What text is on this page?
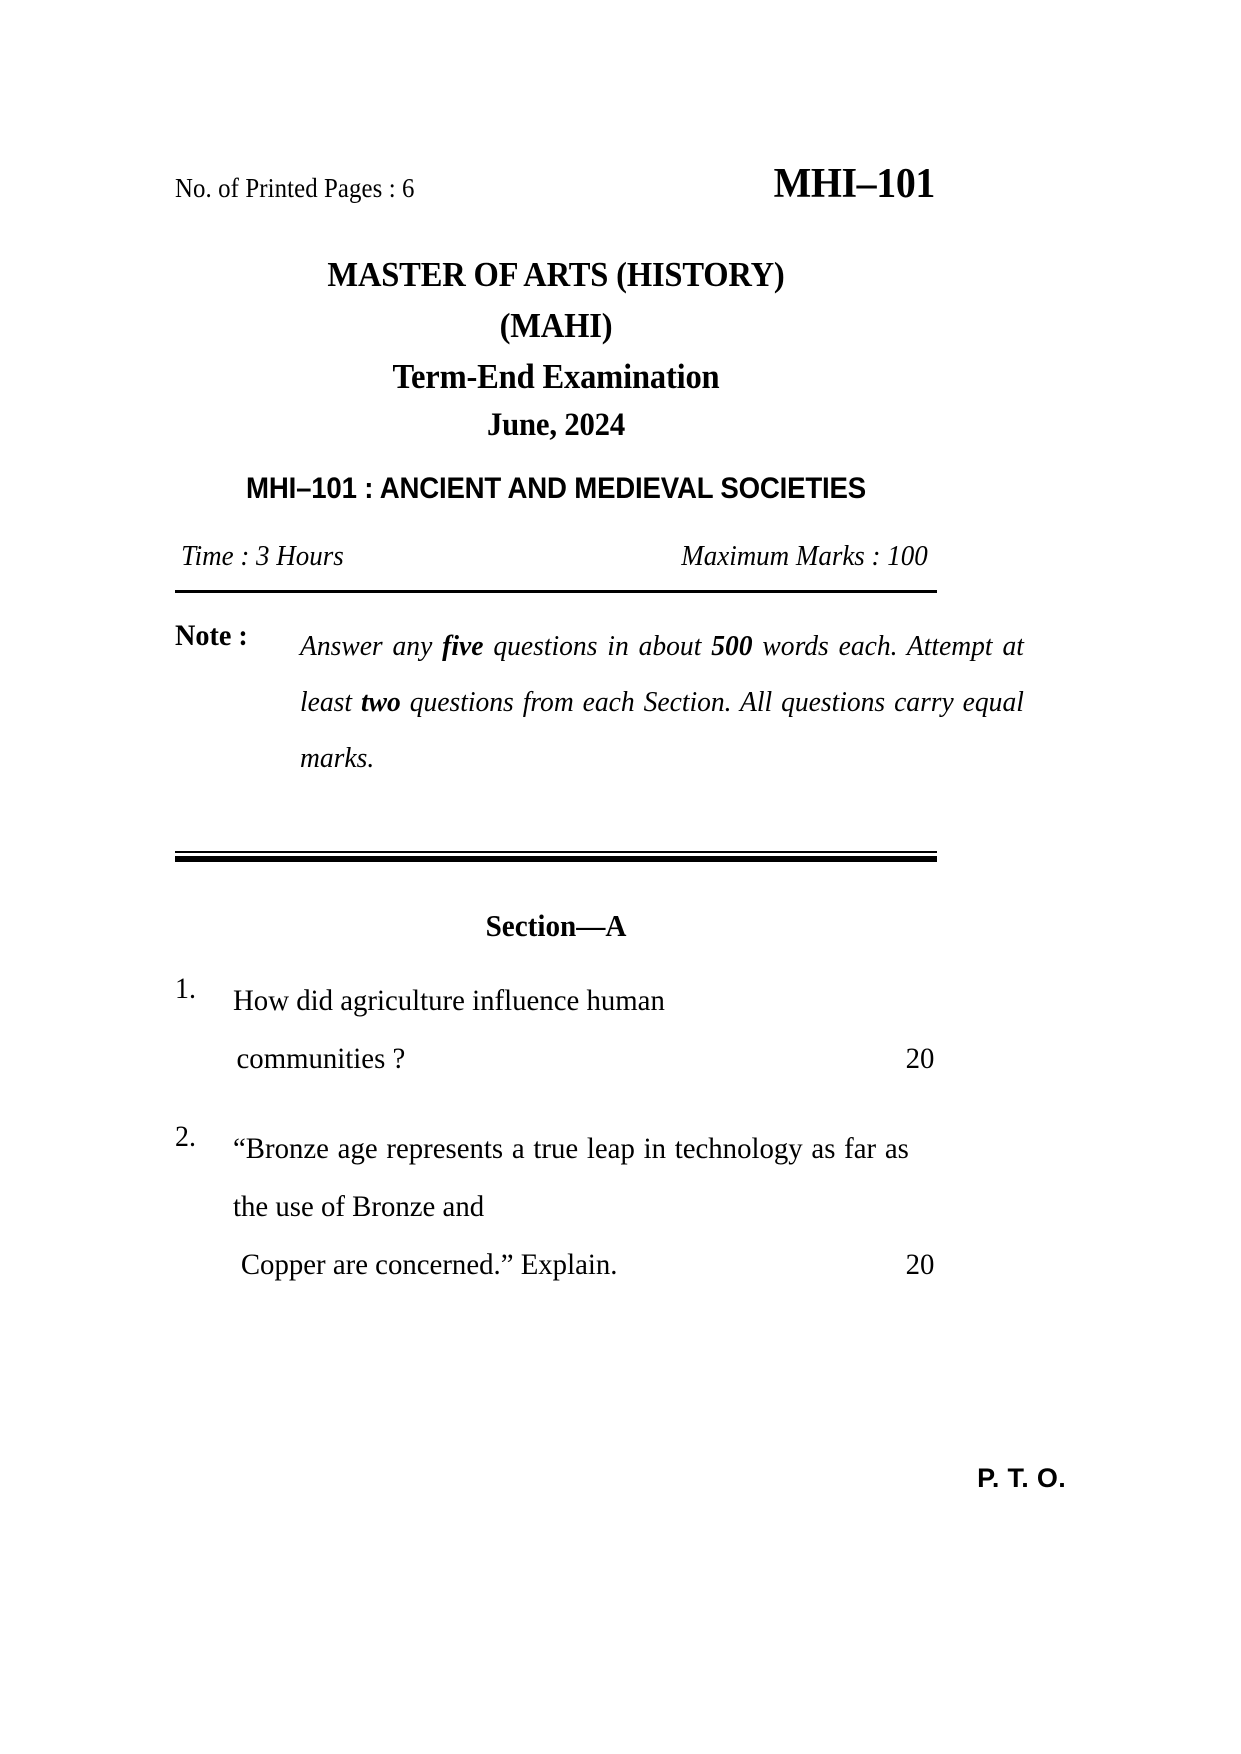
No. of Printed Pages : 6	MHI–101
MASTER OF ARTS (HISTORY)
(MAHI)
Term-End Examination
June, 2024
MHI–101 : ANCIENT AND MEDIEVAL SOCIETIES
Time : 3 Hours	Maximum Marks : 100
Note : Answer any five questions in about 500 words each. Attempt at least two questions from each Section. All questions carry equal marks.
Section—A
1.	How did agriculture influence human
communities ?	20
2.	“Bronze age represents a true leap in technology as far as the use of Bronze and
Copper are concerned.” Explain.	20
P. T. O.
